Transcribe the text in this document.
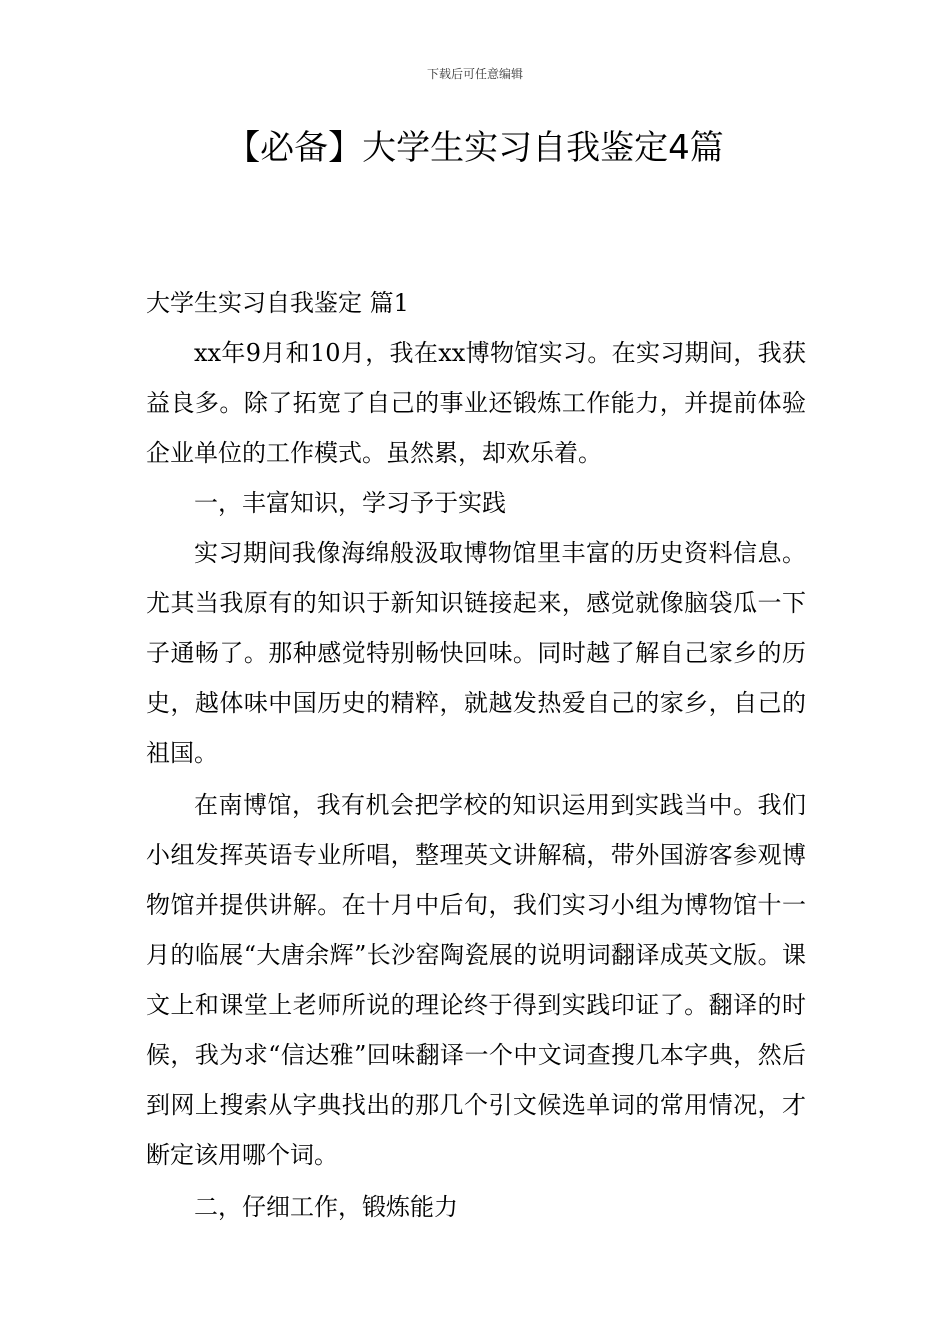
下载后可任意编辑
【必备】大学生实习自我鉴定4篇

大学生实习自我鉴定 篇1

xx年9月和10月，我在xx博物馆实习。在实习期间，我获益良多。除了拓宽了自己的事业还锻炼工作能力，并提前体验企业单位的工作模式。虽然累，却欢乐着。

一，丰富知识，学习予于实践

实习期间我像海绵般汲取博物馆里丰富的历史资料信息。尤其当我原有的知识于新知识链接起来，感觉就像脑袋瓜一下子通畅了。那种感觉特别畅快回味。同时越了解自己家乡的历史，越体味中国历史的精粹，就越发热爱自己的家乡，自己的祖国。

在南博馆，我有机会把学校的知识运用到实践当中。我们小组发挥英语专业所唱，整理英文讲解稿，带外国游客参观博物馆并提供讲解。在十月中后旬，我们实习小组为博物馆十一月的临展“大唐余辉”长沙窑陶瓷展的说明词翻译成英文版。课文上和课堂上老师所说的理论终于得到实践印证了。翻译的时候，我为求“信达雅”回味翻译一个中文词查搜几本字典，然后到网上搜索从字典找出的那几个引文候选单词的常用情况，才断定该用哪个词。

二，仔细工作，锻炼能力
